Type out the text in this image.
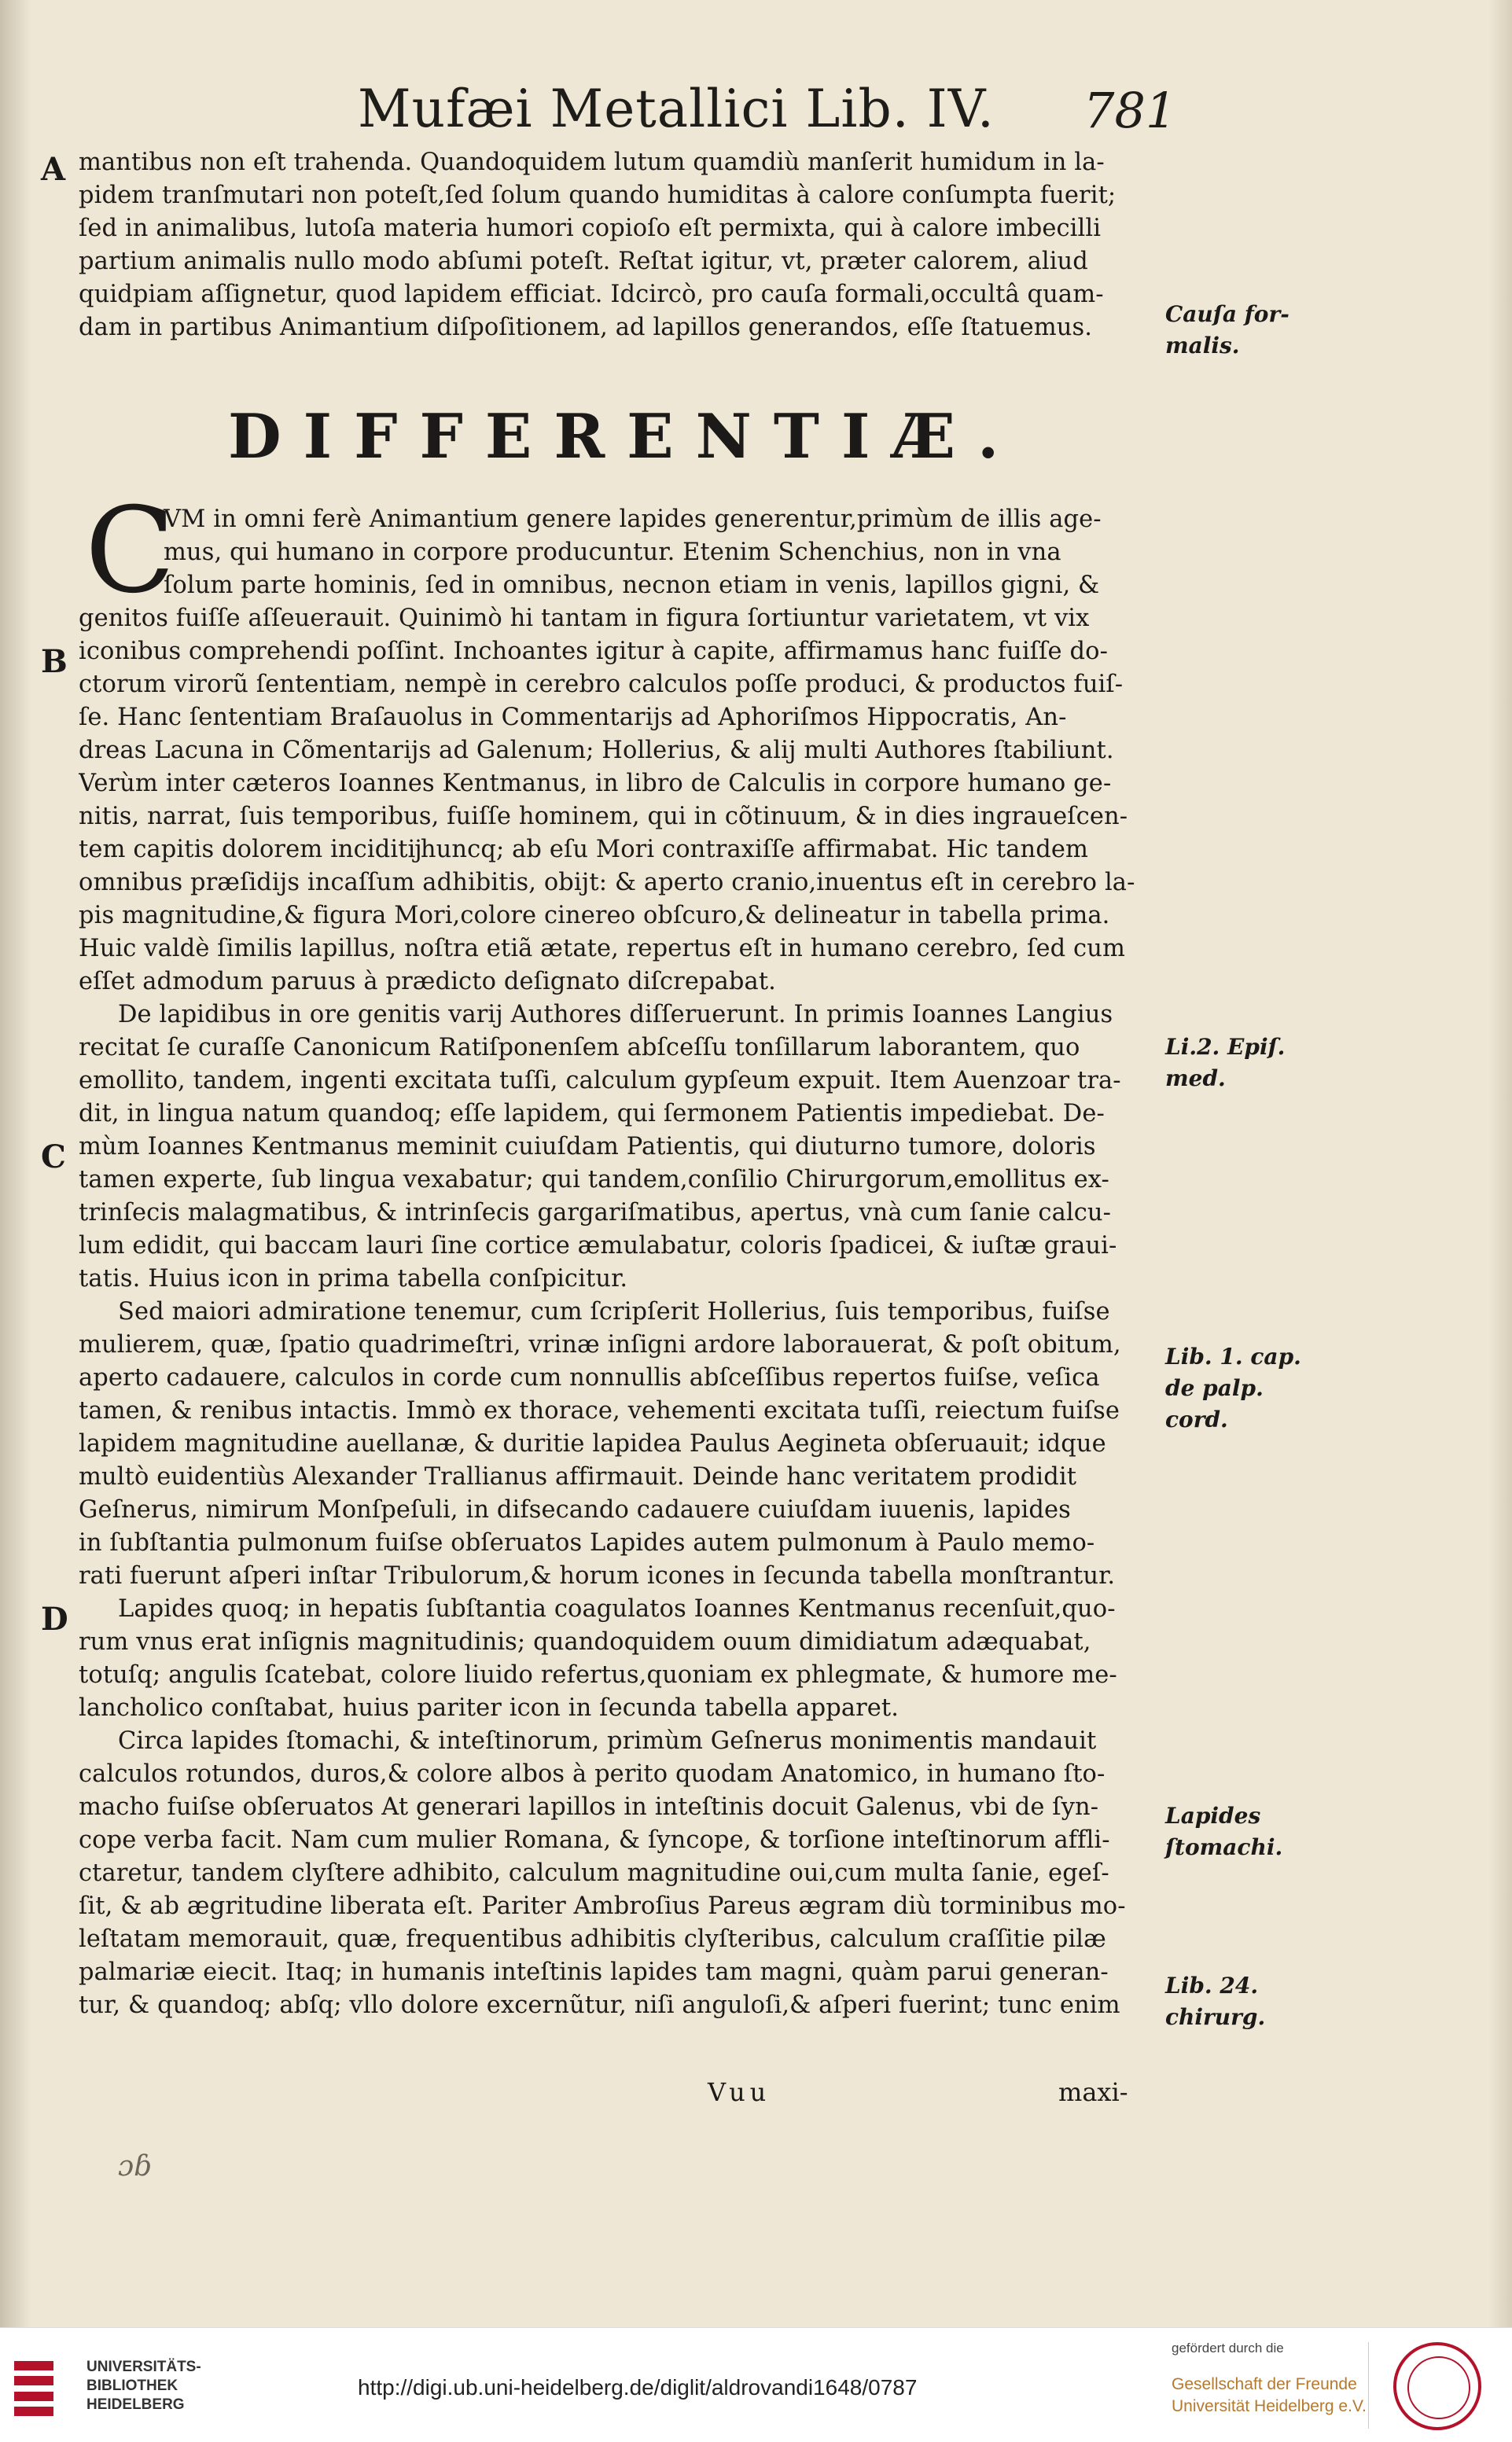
Mufæi Metallici Lib. IV. 781
mantibus non eſt trahenda. Quandoquidem lutum quamdiù manſerit humidum in la-
pidem tranſmutari non poteſt,ſed ſolum quando humiditas à calore conſumpta fuerit;
ſed in animalibus, lutoſa materia humori copioſo eſt permixta, qui à calore imbecilli
partium animalis nullo modo abſumi poteſt. Reſtat igitur, vt, præter calorem, aliud
quidpiam aſſignetur, quod lapidem efficiat. Idcircò, pro cauſa formali,occultâ quam-
dam in partibus Animantium diſpoſitionem, ad lapillos generandos, eſſe ſtatuemus.
DIFFERENTIÆ.
C
VM in omni ferè Animantium genere lapides generentur,primùm de illis age-
mus, qui humano in corpore producuntur. Etenim Schenchius, non in vna
ſolum parte hominis, ſed in omnibus, necnon etiam in venis, lapillos gigni, &
genitos fuiſſe aſſeuerauit. Quinimò hi tantam in figura ſortiuntur varietatem, vt vix
iconibus comprehendi poſſint. Inchoantes igitur à capite, affirmamus hanc fuiſſe do-
ctorum virorũ ſententiam, nempè in cerebro calculos poſſe produci, & productos fuiſ-
ſe. Hanc ſententiam Braſauolus in Commentarijs ad Aphoriſmos Hippocratis, An-
dreas Lacuna in Cõmentarijs ad Galenum; Hollerius, & alij multi Authores ſtabiliunt.
Verùm inter cæteros Ioannes Kentmanus, in libro de Calculis in corpore humano ge-
nitis, narrat, ſuis temporibus, fuiſſe hominem, qui in cõtinuum, & in dies ingraueſcen-
tem capitis dolorem inciditĳhuncq; ab eſu Mori contraxiſſe affirmabat. Hic tandem
omnibus præſidijs incaſſum adhibitis, obijt: & aperto cranio,inuentus eſt in cerebro la-
pis magnitudine,& figura Mori,colore cinereo obſcuro,& delineatur in tabella prima.
Huic valdè ſimilis lapillus, noſtra etiã ætate, repertus eſt in humano cerebro, ſed cum
eſſet admodum paruus à prædicto deſignato diſcrepabat.
De lapidibus in ore genitis varij Authores diſſeruerunt. In primis Ioannes Langius
recitat ſe curaſſe Canonicum Ratiſponenſem abſceſſu tonſillarum laborantem, quo
emollito, tandem, ingenti excitata tuſſi, calculum gypſeum expuit. Item Auenzoar tra-
dit, in lingua natum quandoq; eſſe lapidem, qui ſermonem Patientis impediebat. De-
mùm Ioannes Kentmanus meminit cuiuſdam Patientis, qui diuturno tumore, doloris
tamen experte, ſub lingua vexabatur; qui tandem,conſilio Chirurgorum,emollitus ex-
trinſecis malagmatibus, & intrinſecis gargariſmatibus, apertus, vnà cum ſanie calcu-
lum edidit, qui baccam lauri ſine cortice æmulabatur, coloris ſpadicei, & iuſtæ graui-
tatis. Huius icon in prima tabella conſpicitur.
Sed maiori admiratione tenemur, cum ſcripſerit Hollerius, ſuis temporibus, fuiſse
mulierem, quæ, ſpatio quadrimeſtri, vrinæ inſigni ardore laborauerat, & poſt obitum,
aperto cadauere, calculos in corde cum nonnullis abſceſſibus repertos fuiſse, veſica
tamen, & renibus intactis. Immò ex thorace, vehementi excitata tuſſi, reiectum fuiſse
lapidem magnitudine auellanæ, & duritie lapidea Paulus Aegineta obſeruauit; idque
multò euidentiùs Alexander Trallianus affirmauit. Deinde hanc veritatem prodidit
Geſnerus, nimirum Monſpeſuli, in difsecando cadauere cuiuſdam iuuenis, lapides
in ſubſtantia pulmonum fuiſse obſeruatos Lapides autem pulmonum à Paulo memo-
rati fuerunt aſperi inſtar Tribulorum,& horum icones in ſecunda tabella monſtrantur.
Lapides quoq; in hepatis ſubſtantia coagulatos Ioannes Kentmanus recenſuit,quo-
rum vnus erat inſignis magnitudinis; quandoquidem ouum dimidiatum adæquabat,
totuſq; angulis ſcatebat, colore liuido refertus,quoniam ex phlegmate, & humore me-
lancholico conſtabat, huius pariter icon in ſecunda tabella apparet.
Circa lapides ſtomachi, & inteſtinorum, primùm Geſnerus monimentis mandauit
calculos rotundos, duros,& colore albos à perito quodam Anatomico, in humano ſto-
macho fuiſse obſeruatos At generari lapillos in inteſtinis docuit Galenus, vbi de ſyn-
cope verba facit. Nam cum mulier Romana, & ſyncope, & torſione inteſtinorum affli-
ctaretur, tandem clyſtere adhibito, calculum magnitudine oui,cum multa ſanie, egeſ-
ſit, & ab ægritudine liberata eſt. Pariter Ambroſius Pareus ægram diù torminibus mo-
leſtatam memorauit, quæ, frequentibus adhibitis clyſteribus, calculum craſſitie pilæ
palmariæ eiecit. Itaq; in humanis inteſtinis lapides tam magni, quàm parui generan-
tur, & quandoq; abſq; vllo dolore excernũtur, niſi anguloſi,& aſperi fuerint; tunc enim
A
B
C
D
Cauſa for-
malis.
Li.2. Epiſ.
med.
Lib. 1. cap.
de palp.
cord.
Lapides
ſtomachi.
Lib. 24.
chirurg.
Vuu	maxi-
ɔɓ
UNIVERSITÄTS-
BIBLIOTHEK
HEIDELBERG
http://digi.ub.uni-heidelberg.de/diglit/aldrovandi1648/0787
gefördert durch die
Gesellschaft der Freunde
Universität Heidelberg e.V.
